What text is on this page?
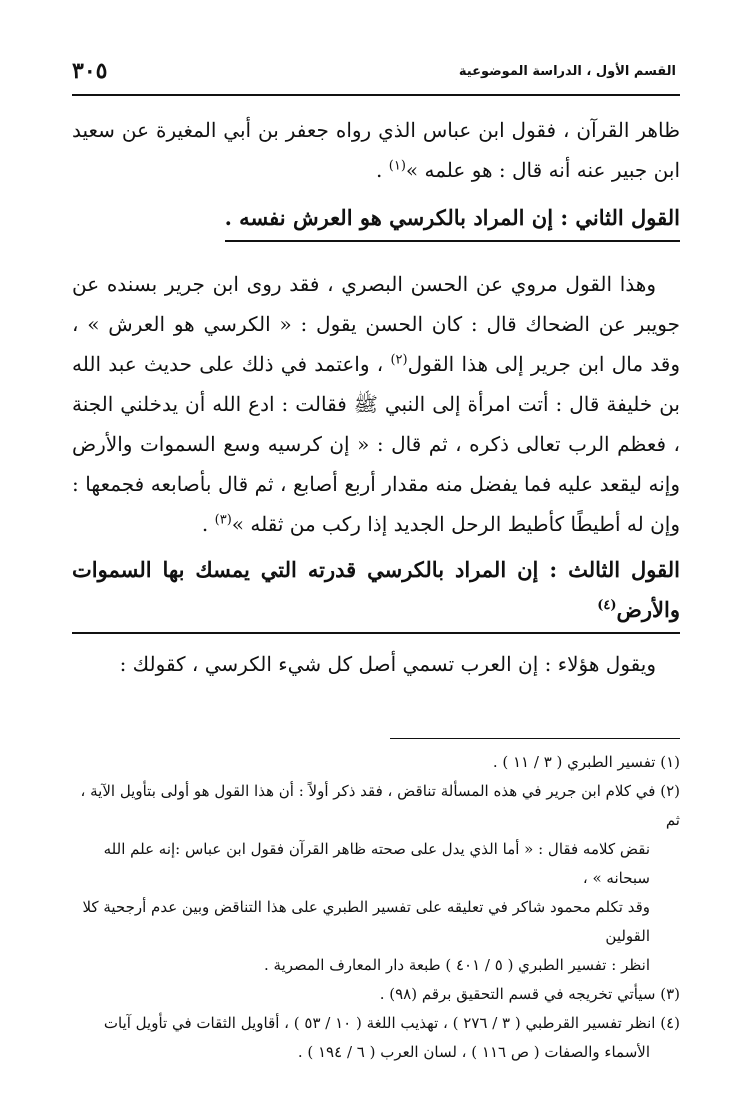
القسم الأول ، الدراسة الموضوعية
٣٠٥

ظاهر القرآن ، فقول ابن عباس الذي رواه جعفر بن أبي المغيرة عن سعيد ابن جبير عنه أنه قال : هو علمه »$^{(١)}$ .

القول الثاني : إن المراد بالكرسي هو العرش نفسه .

وهذا القول مروي عن الحسن البصري ، فقد روى ابن جرير بسنده عن جويبر عن الضحاك قال : كان الحسن يقول : « الكرسي هو العرش » ، وقد مال ابن جرير إلى هذا القول$^{(٢)}$ ، واعتمد في ذلك على حديث عبد الله بن خليفة قال : أتت امرأة إلى النبي ﷺ فقالت : ادع الله أن يدخلني الجنة ، فعظم الرب تعالى ذكره ، ثم قال : « إن كرسيه وسع السموات والأرض وإنه ليقعد عليه فما يفضل منه مقدار أربع أصابع ، ثم قال بأصابعه فجمعها : وإن له أطيطًا كأطيط الرحل الجديد إذا ركب من ثقله »$^{(٣)}$ .

القول الثالث : إن المراد بالكرسي قدرته التي يمسك بها السموات والأرض$^{(٤)}$

ويقول هؤلاء : إن العرب تسمي أصل كل شيء الكرسي ، كقولك :

(١) تفسير الطبري ( ٣ / ١١ ) .

(٢) في كلام ابن جرير في هذه المسألة تناقض ، فقد ذكر أولاً : أن هذا القول هو أولى بتأويل الآية ، ثم
نقض كلامه فقال : « أما الذي يدل على صحته ظاهر القرآن فقول ابن عباس :إنه علم الله سبحانه » ،
وقد تكلم محمود شاكر في تعليقه على تفسير الطبري على هذا التناقض وبين عدم أرجحية كلا القولين
انظر : تفسير الطبري ( ٥ / ٤٠١ ) طبعة دار المعارف المصرية .

(٣) سيأتي تخريجه في قسم التحقيق برقم (٩٨) .

(٤) انظر تفسير القرطبي ( ٣ / ٢٧٦ ) ، تهذيب اللغة ( ١٠ / ٥٣ ) ، أقاويل الثقات في تأويل آيات
الأسماء والصفات ( ص ١١٦ ) ، لسان العرب ( ٦ / ١٩٤ ) .
